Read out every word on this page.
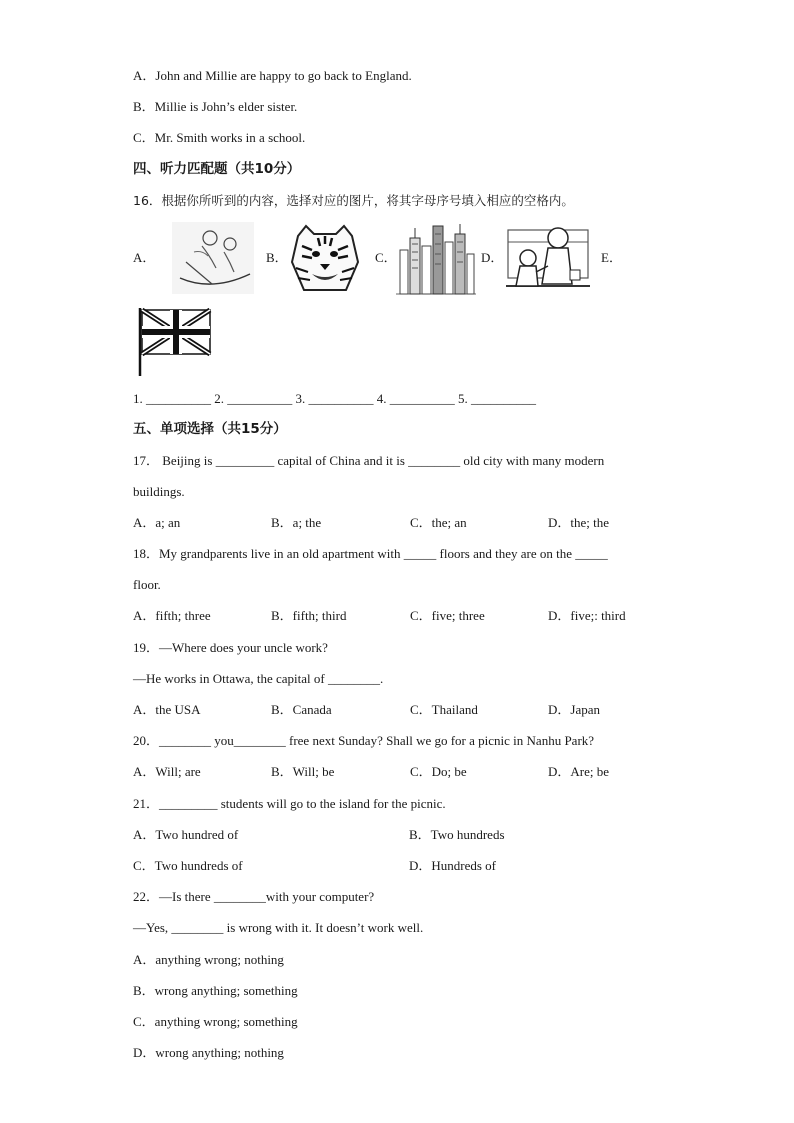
A．John and Millie are happy to go back to England.
B．Millie is John’s elder sister.
C．Mr. Smith works in a school.
四、听力匹配题（共10分）
16．根据你所听到的内容，选择对应的图片，将其字母序号填入相应的空格内。
A．	B．	C．	D．	E．
1. __________ 2. __________ 3. __________ 4. __________ 5. __________
五、单项选择（共15分）
17． Beijing is _________ capital of China and it is ________ old city with many modern
buildings.
A．a; an	B．a; the	C．the; an	D．the; the
18．My grandparents live in an old apartment with _____ floors and they are on the _____
floor.
A．fifth; three	B．fifth; third	C．five; three	D．five;: third
19．—Where does your uncle work?
—He works in Ottawa, the capital of ________.
A．the USA	B．Canada	C．Thailand	D．Japan
20．________ you________ free next Sunday? Shall we go for a picnic in Nanhu Park?
A．Will; are	B．Will; be	C．Do; be	D．Are; be
21．_________ students will go to the island for the picnic.
A．Two hundred of	B．Two hundreds
C．Two hundreds of	D．Hundreds of
22．—Is there ________with your computer?
—Yes, ________ is wrong with it. It doesn’t work well.
A．anything wrong; nothing
B．wrong anything; something
C．anything wrong; something
D．wrong anything; nothing
